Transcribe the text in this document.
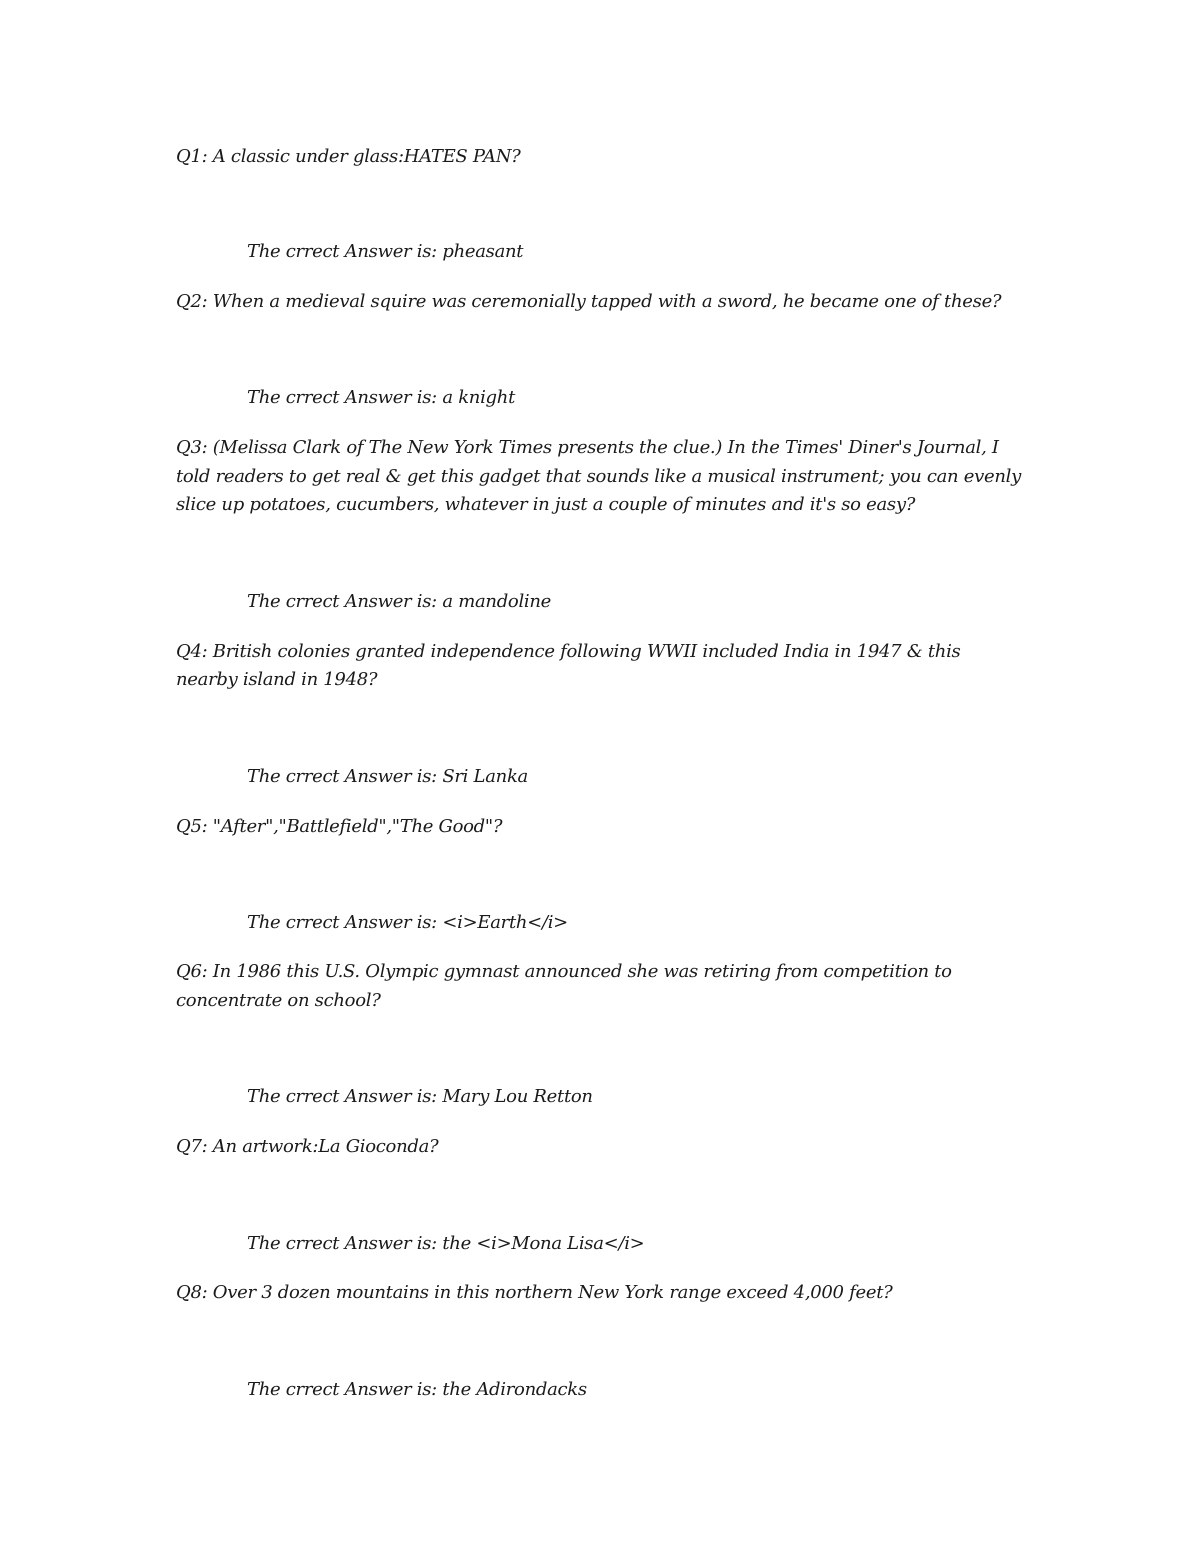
Q1: A classic under glass:HATES PAN?
The crrect Answer is: pheasant
Q2: When a medieval squire was ceremonially tapped with a sword, he became one of these?
The crrect Answer is: a knight
Q3: (Melissa Clark of The New York Times presents the clue.) In the Times' Diner's Journal, I
told readers to get real & get this gadget that sounds like a musical instrument; you can evenly
slice up potatoes, cucumbers, whatever in just a couple of minutes and it's so easy?
The crrect Answer is: a mandoline
Q4: British colonies granted independence following WWII included India in 1947 & this
nearby island in 1948?
The crrect Answer is: Sri Lanka
Q5: "After","Battlefield","The Good"?
The crrect Answer is: <i>Earth</i>
Q6: In 1986 this U.S. Olympic gymnast announced she was retiring from competition to
concentrate on school?
The crrect Answer is: Mary Lou Retton
Q7: An artwork:La Gioconda?
The crrect Answer is: the <i>Mona Lisa</i>
Q8: Over 3 dozen mountains in this northern New York range exceed 4,000 feet?
The crrect Answer is: the Adirondacks
